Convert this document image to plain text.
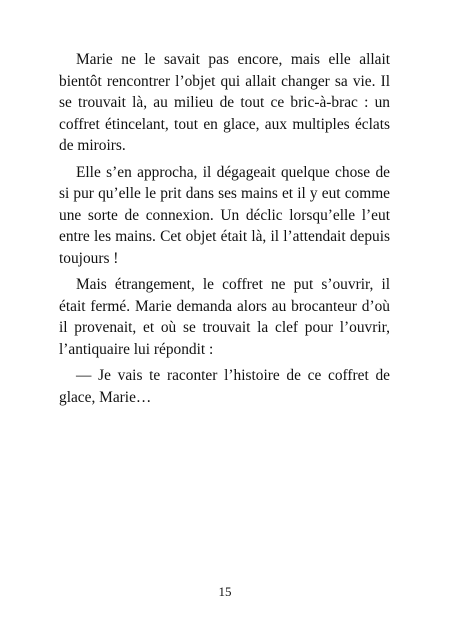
Marie ne le savait pas encore, mais elle allait bientôt rencontrer l’objet qui allait changer sa vie. Il se trouvait là, au milieu de tout ce bric-à-brac : un coffret étincelant, tout en glace, aux multiples éclats de miroirs.

Elle s’en approcha, il dégageait quelque chose de si pur qu’elle le prit dans ses mains et il y eut comme une sorte de connexion. Un déclic lorsqu’elle l’eut entre les mains. Cet objet était là, il l’attendait depuis toujours !

Mais étrangement, le coffret ne put s’ouvrir, il était fermé. Marie demanda alors au brocanteur d’où il provenait, et où se trouvait la clef pour l’ouvrir, l’antiquaire lui répondit :

— Je vais te raconter l’histoire de ce coffret de glace, Marie…

15
